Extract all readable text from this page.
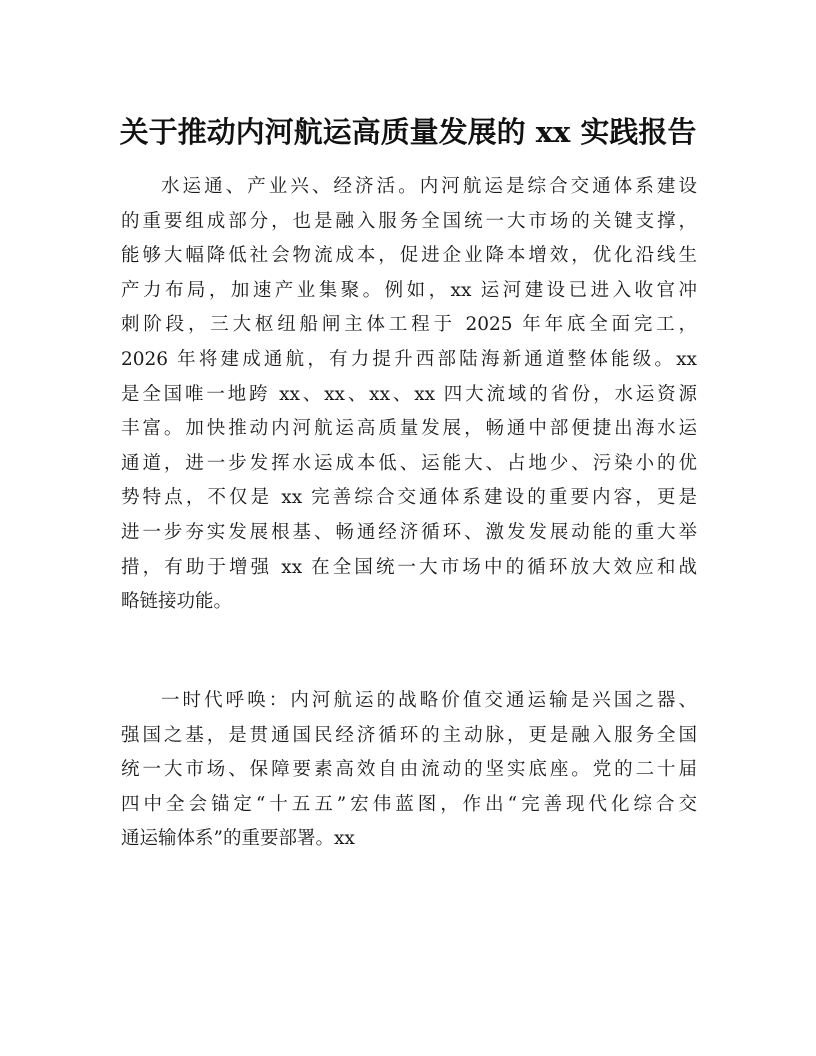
关于推动内河航运高质量发展的 xx 实践报告
水运通、产业兴、经济活。内河航运是综合交通体系建设
的重要组成部分，也是融入服务全国统一大市场的关键支撑，
能够大幅降低社会物流成本，促进企业降本增效，优化沿线生
产力布局，加速产业集聚。例如，xx 运河建设已进入收官冲
刺阶段，三大枢纽船闸主体工程于 2025 年年底全面完工，
2026 年将建成通航，有力提升西部陆海新通道整体能级。xx
是全国唯一地跨 xx、xx、xx、xx 四大流域的省份，水运资源
丰富。加快推动内河航运高质量发展，畅通中部便捷出海水运
通道，进一步发挥水运成本低、运能大、占地少、污染小的优
势特点，不仅是 xx 完善综合交通体系建设的重要内容，更是
进一步夯实发展根基、畅通经济循环、激发发展动能的重大举
措，有助于增强 xx 在全国统一大市场中的循环放大效应和战
略链接功能。
一时代呼唤：内河航运的战略价值交通运输是兴国之器、
强国之基，是贯通国民经济循环的主动脉，更是融入服务全国
统一大市场、保障要素高效自由流动的坚实底座。党的二十届
四中全会锚定“十五五”宏伟蓝图，作出“完善现代化综合交
通运输体系”的重要部署。xx
